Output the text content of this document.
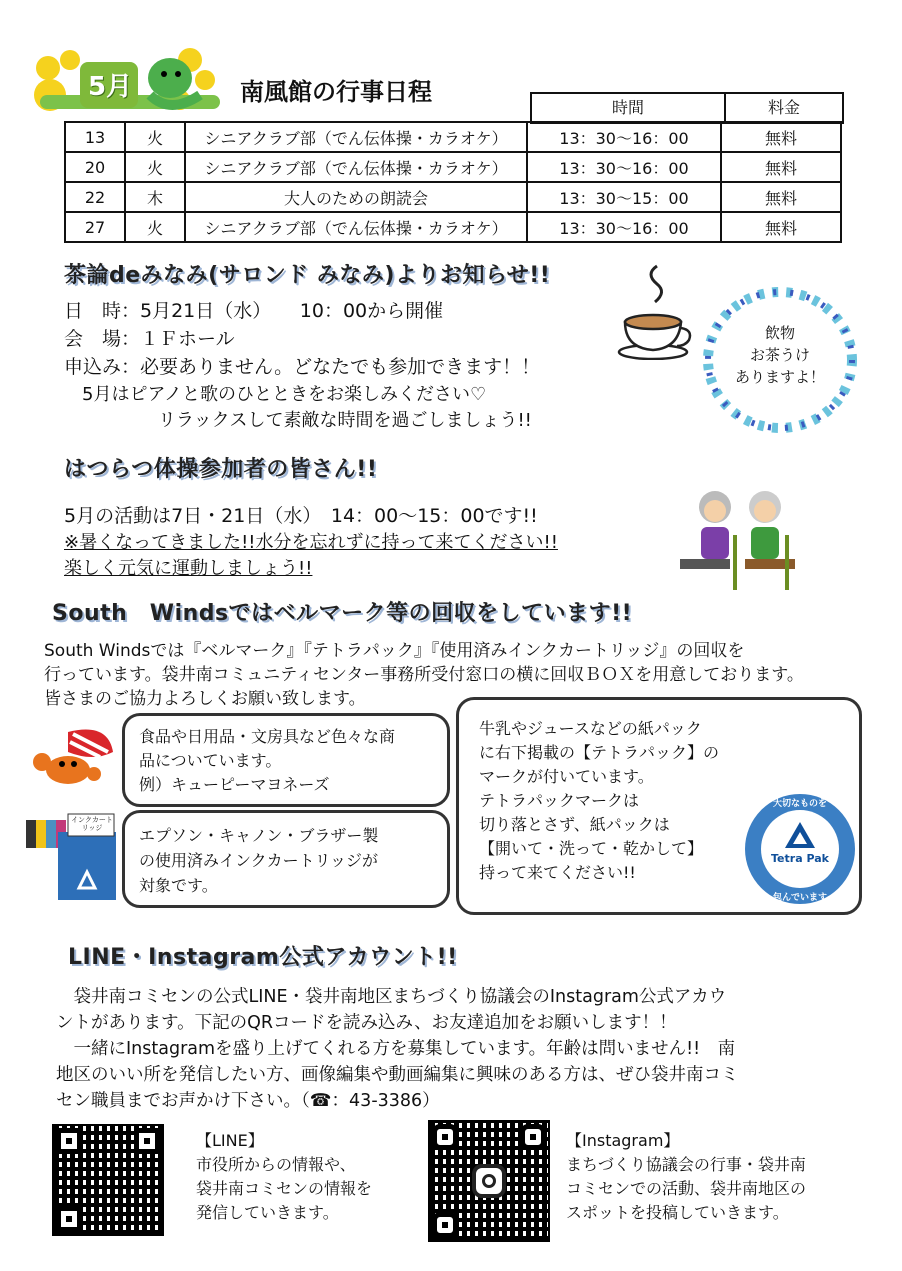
5月	南風館の行事日程
時間	料金
13	火	シニアクラブ部（でん伝体操・カラオケ）	13：30～16：00	無料
20	火	シニアクラブ部（でん伝体操・カラオケ）	13：30～16：00	無料
22	木	大人のための朗読会	13：30～15：00	無料
27	火	シニアクラブ部（でん伝体操・カラオケ）	13：30～16：00	無料
茶論deみなみ(サロンド みなみ)よりお知らせ!!
日　時：5月21日（水）　　10：00から開催
会　場：１Ｆホール
申込み：必要ありません。どなたでも参加できます！！
5月はピアノと歌のひとときをお楽しみください♡
リラックスして素敵な時間を過ごしましょう!!
飲物
お茶うけ
ありますよ！
はつらつ体操参加者の皆さん!!
5月の活動は7日・21日（水）　14：00～15：00です!!
※暑くなってきました!!水分を忘れずに持って来てください!!
楽しく元気に運動しましょう!!
South　Windsではベルマーク等の回収をしています!!
South Windsでは『ベルマーク』『テトラパック』『使用済みインクカートリッジ』の回収を
行っています。袋井南コミュニティセンター事務所受付窓口の横に回収ＢＯＸを用意しております。
皆さまのご協力よろしくお願い致します。
食品や日用品・文房具など色々な商
品についています。
例）キューピーマヨネーズ
インクカートリッジ	エプソン・キャノン・ブラザー製
の使用済みインクカートリッジが
対象です。
牛乳やジュースなどの紙パック
に右下掲載の【テトラパック】の
マークが付いています。
テトラパックマークは
切り落とさず、紙パックは
【開いて・洗って・乾かして】
持って来てください!!
Tetra Pak
大切なものを
包んでいます
LINE・Instagram公式アカウント!!
　袋井南コミセンの公式LINE・袋井南地区まちづくり協議会のInstagram公式アカウ
ントがあります。下記のQRコードを読み込み、お友達追加をお願いします！！
　一緒にInstagramを盛り上げてくれる方を募集しています。年齢は問いません!!　南
地区のいい所を発信したい方、画像編集や動画編集に興味のある方は、ぜひ袋井南コミ
セン職員までお声かけ下さい。（☎：43-3386）
【LINE】
市役所からの情報や、
袋井南コミセンの情報を
発信していきます。
【Instagram】
まちづくり協議会の行事・袋井南
コミセンでの活動、袋井南地区の
スポットを投稿していきます。
